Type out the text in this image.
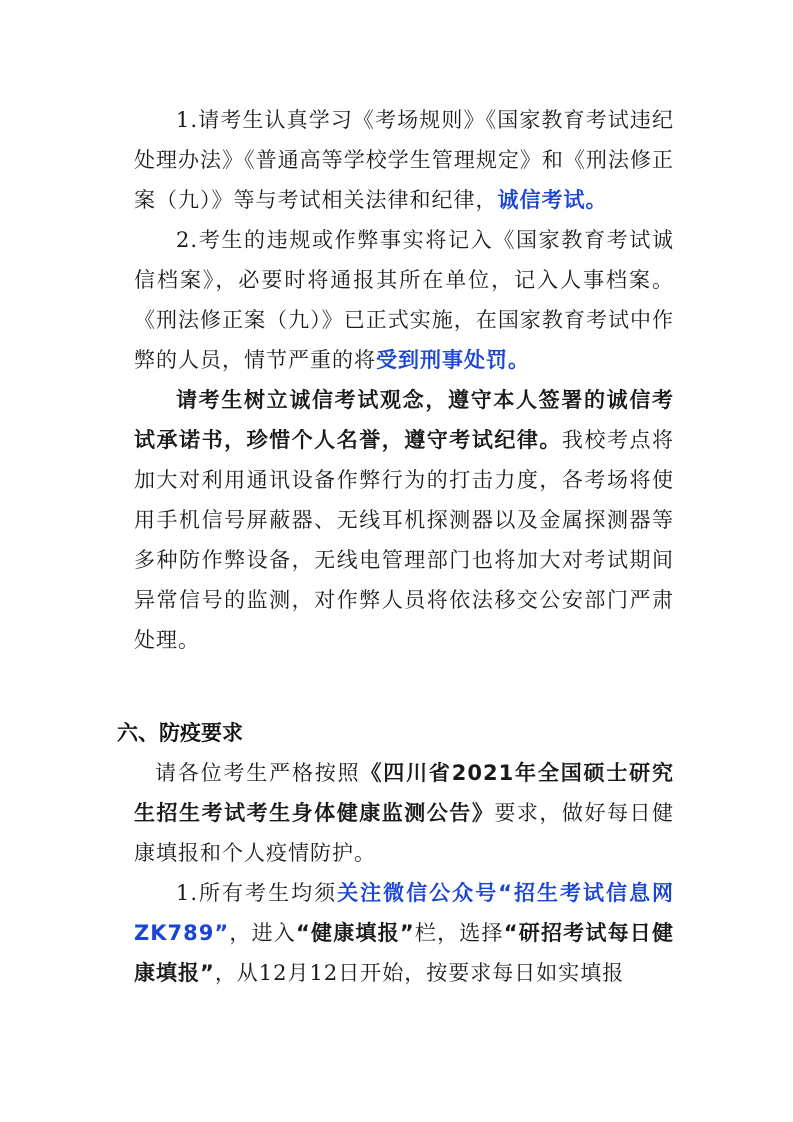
1.请考生认真学习《考场规则》《国家教育考试违纪处理办法》《普通高等学校学生管理规定》和《刑法修正案（九）》等与考试相关法律和纪律，诚信考试。

2.考生的违规或作弊事实将记入《国家教育考试诚信档案》，必要时将通报其所在单位，记入人事档案。《刑法修正案（九）》已正式实施，在国家教育考试中作弊的人员，情节严重的将受到刑事处罚。

请考生树立诚信考试观念，遵守本人签署的诚信考试承诺书，珍惜个人名誉，遵守考试纪律。我校考点将加大对利用通讯设备作弊行为的打击力度，各考场将使用手机信号屏蔽器、无线耳机探测器以及金属探测器等多种防作弊设备，无线电管理部门也将加大对考试期间异常信号的监测，对作弊人员将依法移交公安部门严肃处理。

六、防疫要求

请各位考生严格按照《四川省2021年全国硕士研究生招生考试考生身体健康监测公告》要求，做好每日健康填报和个人疫情防护。

1.所有考生均须关注微信公众号“招生考试信息网ZK789”，进入“健康填报”栏，选择“研招考试每日健康填报”，从12月12日开始，按要求每日如实填报
